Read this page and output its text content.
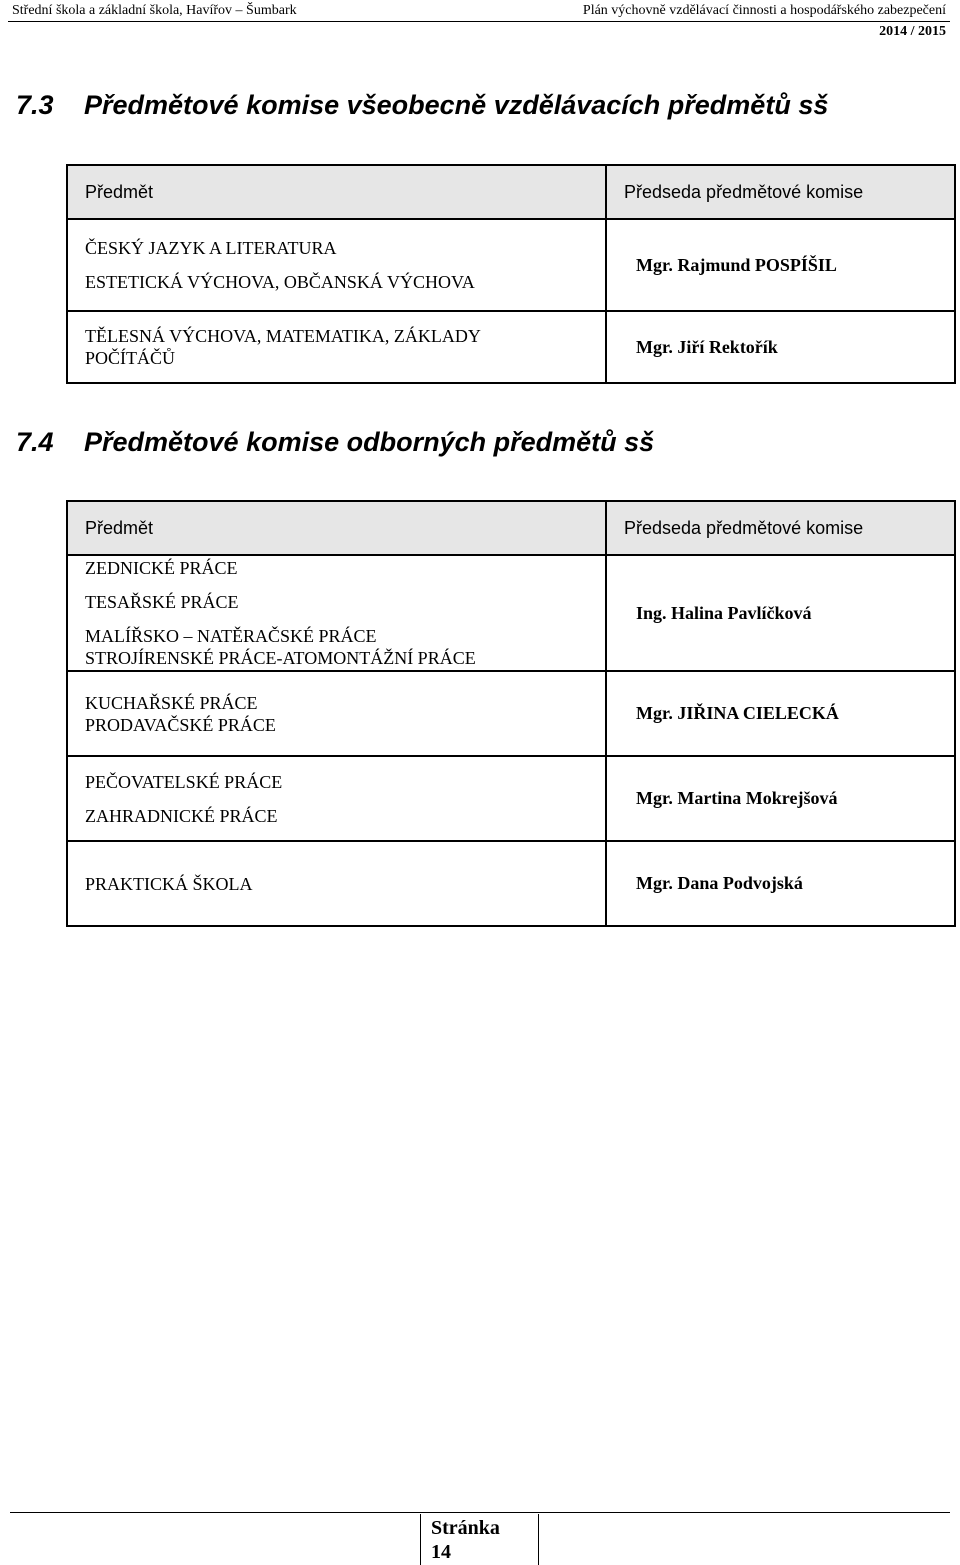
Střední škola a základní škola, Havířov – Šumbark	Plán výchovně vzdělávací činnosti a hospodářského zabezpečení
2014 / 2015
7.3 Předmětové komise všeobecně vzdělávacích předmětů sš
Předmět	Předseda předmětové komise

ČESKÝ JAZYK A LITERATURA
ESTETICKÁ VÝCHOVA, OBČANSKÁ VÝCHOVA	Mgr. Rajmund POSPÍŠIL

TĚLESNÁ VÝCHOVA, MATEMATIKA, ZÁKLADY
POČÍTÁČŮ	Mgr. Jiří Rektořík
7.4 Předmětové komise odborných předmětů sš
Předmět	Předseda předmětové komise

ZEDNICKÉ PRÁCE
TESAŘSKÉ PRÁCE
MALÍŘSKO – NATĚRAČSKÉ PRÁCE
STROJÍRENSKÉ PRÁCE-ATOMONTÁŽNÍ PRÁCE	Ing. Halina Pavlíčková

KUCHAŘSKÉ PRÁCE
PRODAVAČSKÉ PRÁCE	Mgr. JIŘINA CIELECKÁ

PEČOVATELSKÉ PRÁCE
ZAHRADNICKÉ PRÁCE	Mgr. Martina Mokrejšová

PRAKTICKÁ ŠKOLA	Mgr. Dana Podvojská
Stránka
14
